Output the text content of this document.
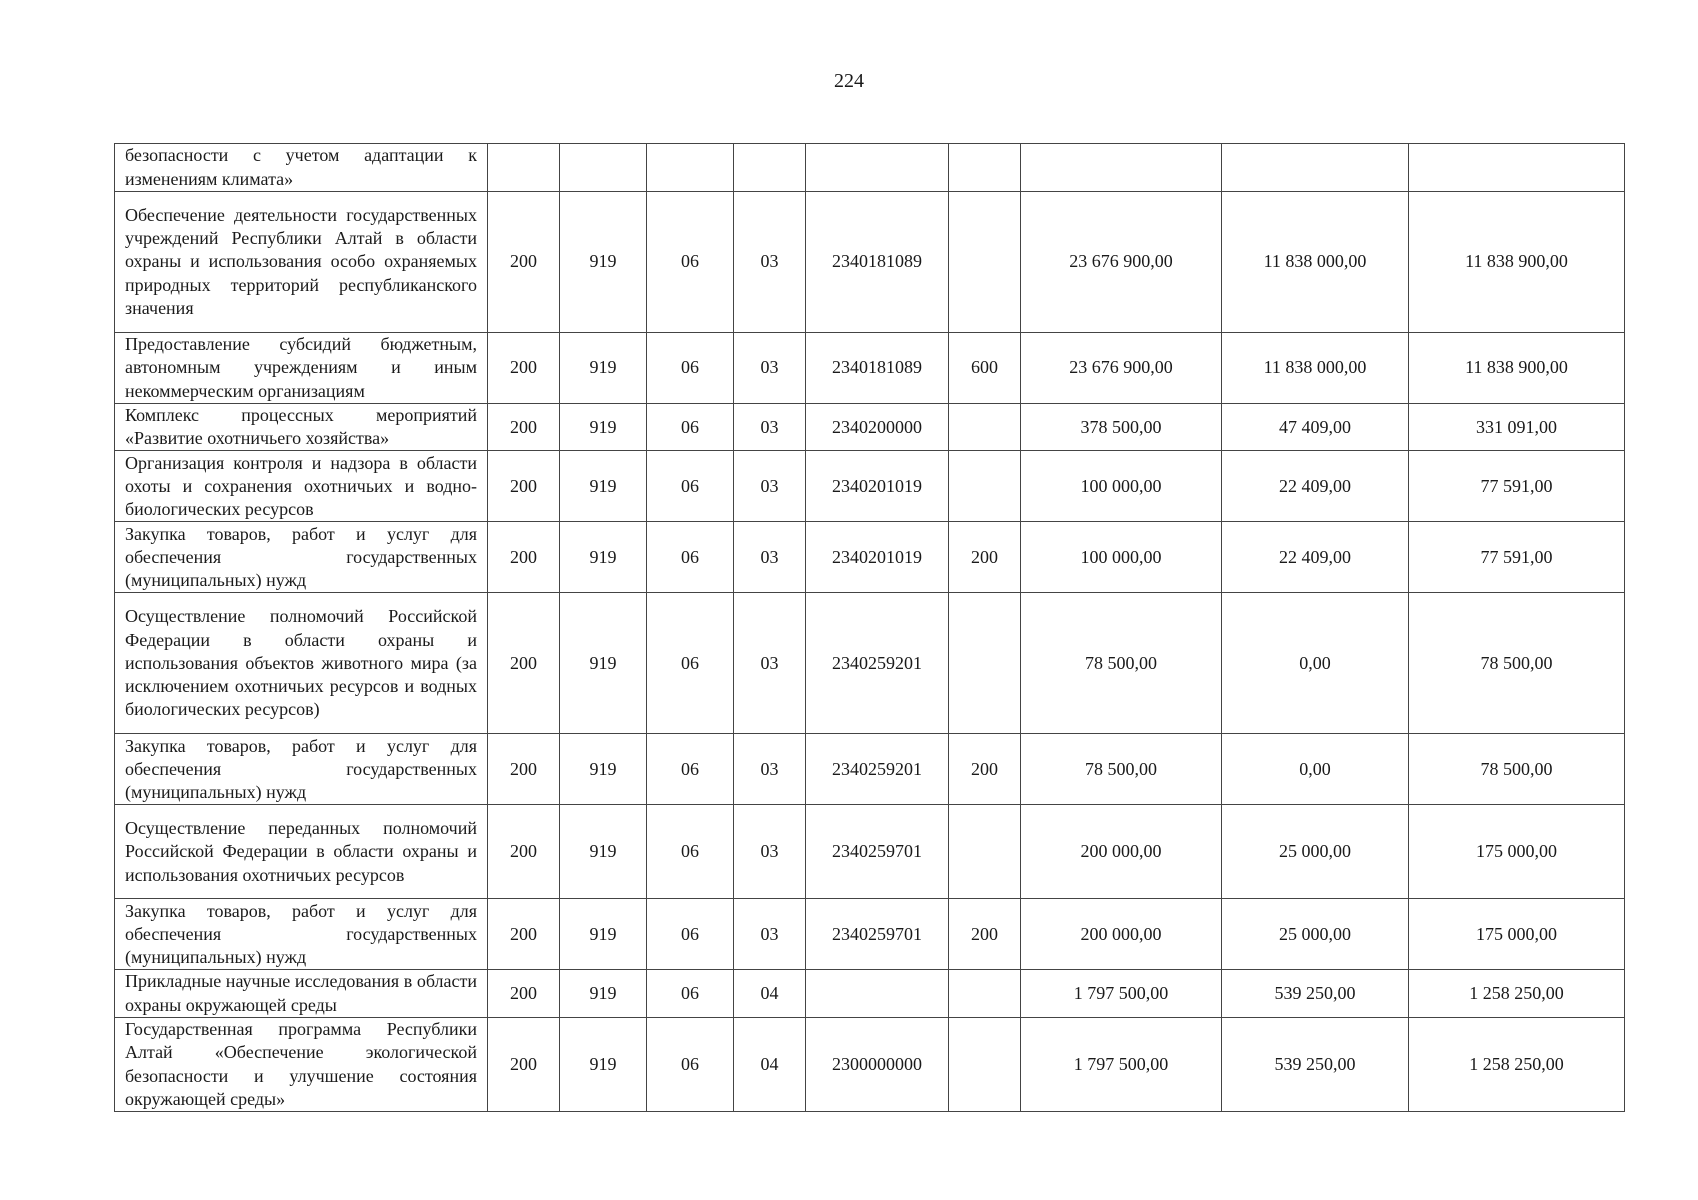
224
безопасности с учетом адаптации к изменениям климата»									
Обеспечение деятельности государственных учреждений Республики Алтай в области охраны и использования особо охраняемых природных территорий республиканского значения	200	919	06	03	2340181089		23 676 900,00	11 838 000,00	11 838 900,00
Предоставление субсидий бюджетным, автономным учреждениям и иным некоммерческим организациям	200	919	06	03	2340181089	600	23 676 900,00	11 838 000,00	11 838 900,00
Комплекс процессных мероприятий «Развитие охотничьего хозяйства»	200	919	06	03	2340200000		378 500,00	47 409,00	331 091,00
Организация контроля и надзора в области охоты и сохранения охотничьих и водно-биологических ресурсов	200	919	06	03	2340201019		100 000,00	22 409,00	77 591,00
Закупка товаров, работ и услуг для обеспечения государственных (муниципальных) нужд	200	919	06	03	2340201019	200	100 000,00	22 409,00	77 591,00
Осуществление полномочий Российской Федерации в области охраны и использования объектов животного мира (за исключением охотничьих ресурсов и водных биологических ресурсов)	200	919	06	03	2340259201		78 500,00	0,00	78 500,00
Закупка товаров, работ и услуг для обеспечения государственных (муниципальных) нужд	200	919	06	03	2340259201	200	78 500,00	0,00	78 500,00
Осуществление переданных полномочий Российской Федерации в области охраны и использования охотничьих ресурсов	200	919	06	03	2340259701		200 000,00	25 000,00	175 000,00
Закупка товаров, работ и услуг для обеспечения государственных (муниципальных) нужд	200	919	06	03	2340259701	200	200 000,00	25 000,00	175 000,00
Прикладные научные исследования в области охраны окружающей среды	200	919	06	04			1 797 500,00	539 250,00	1 258 250,00
Государственная программа Республики Алтай «Обеспечение экологической безопасности и улучшение состояния окружающей среды»	200	919	06	04	2300000000		1 797 500,00	539 250,00	1 258 250,00
